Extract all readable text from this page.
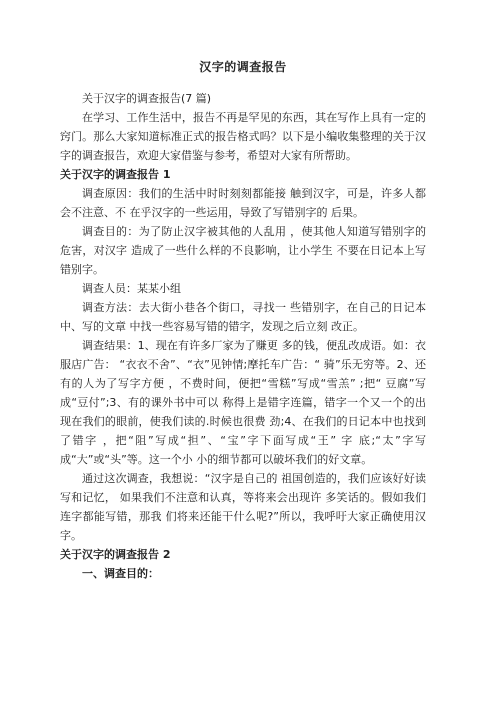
汉字的调查报告

关于汉字的调查报告(7 篇)

在学习、工作生活中，报告不再是罕见的东西，其在写作上具有一定的窍门。那么大家知道标准正式的报告格式吗？以下是小编收集整理的关于汉字的调查报告，欢迎大家借鉴与参考，希望对大家有所帮助。

关于汉字的调查报告 1

调查原因：我们的生活中时时刻刻都能接 触到汉字，可是，许多人都会不注意、不 在乎汉字的一些运用，导致了写错别字的 后果。

调查目的：为了防止汉字被其他的人乱用 ，使其他人知道写错别字的危害，对汉字 造成了一些什么样的不良影响，让小学生 不要在日记本上写错别字。

调查人员：某某小组

调查方法：去大街小巷各个街口，寻找一 些错别字，在自己的日记本中、写的文章 中找一些容易写错的错字，发现之后立刻 改正。

调查结果：1、现在有许多厂家为了赚更 多的钱，便乱改成语。如：衣服店广告： “衣衣不舍”、“衣”见钟情;摩托车广告：“ 骑”乐无穷等。2、还有的人为了写字方便 ，不费时间，便把“雪糕”写成“雪羔” ;把“ 豆腐”写成“豆付”;3、有的课外书中可以 称得上是错字连篇，错字一个又一个的出 现在我们的眼前，使我们读的.时候也很费 劲;4、在我们的日记本中也找到了错字 ，把“阻”写成“担”、“宝”字下面写成“王” 字 底;“太”字写成“大”或“头”等。这一个小 小的细节都可以破坏我们的好文章。

通过这次调查，我想说：“汉字是自己的 祖国创造的，我们应该好好读写和记忆， 如果我们不注意和认真，等将来会出现许 多笑话的。假如我们连字都能写错，那我 们将来还能干什么呢?”所以，我呼吁大家正确使用汉字。

关于汉字的调查报告 2

一、调查目的：
